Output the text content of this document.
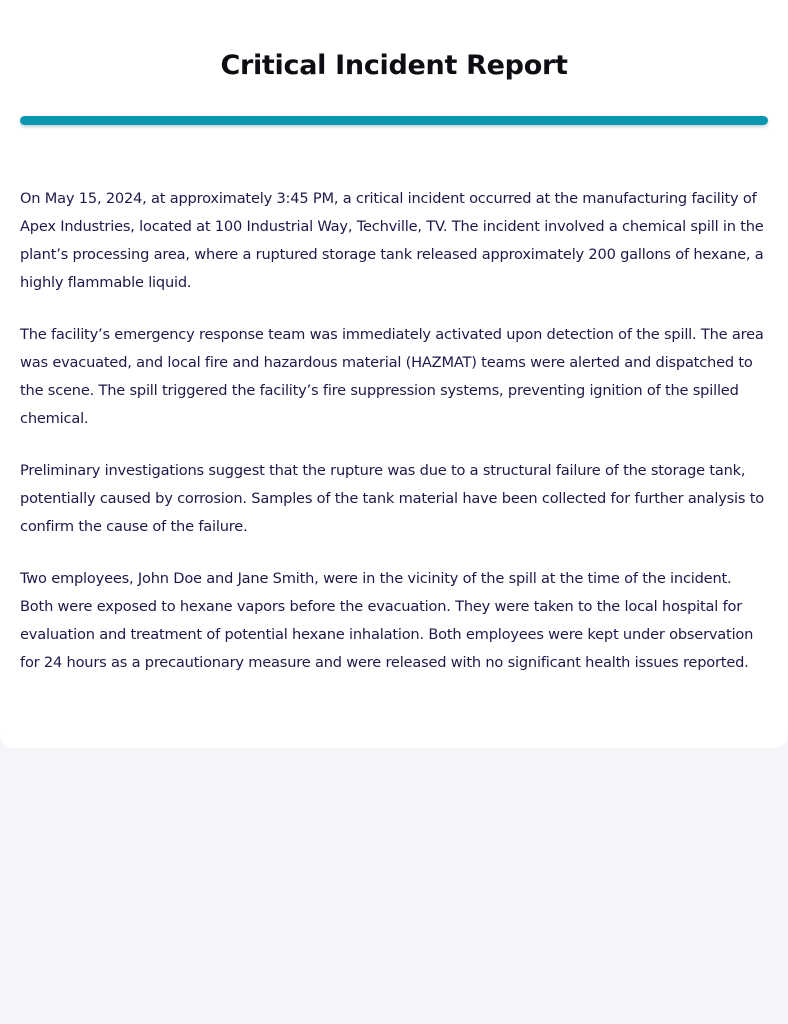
Critical Incident Report

On May 15, 2024, at approximately 3:45 PM, a critical incident occurred at the manufacturing facility of Apex Industries, located at 100 Industrial Way, Techville, TV. The incident involved a chemical spill in the plant’s processing area, where a ruptured storage tank released approximately 200 gallons of hexane, a highly flammable liquid.

The facility’s emergency response team was immediately activated upon detection of the spill. The area was evacuated, and local fire and hazardous material (HAZMAT) teams were alerted and dispatched to the scene. The spill triggered the facility’s fire suppression systems, preventing ignition of the spilled chemical.

Preliminary investigations suggest that the rupture was due to a structural failure of the storage tank, potentially caused by corrosion. Samples of the tank material have been collected for further analysis to confirm the cause of the failure.

Two employees, John Doe and Jane Smith, were in the vicinity of the spill at the time of the incident. Both were exposed to hexane vapors before the evacuation. They were taken to the local hospital for evaluation and treatment of potential hexane inhalation. Both employees were kept under observation for 24 hours as a precautionary measure and were released with no significant health issues reported.
